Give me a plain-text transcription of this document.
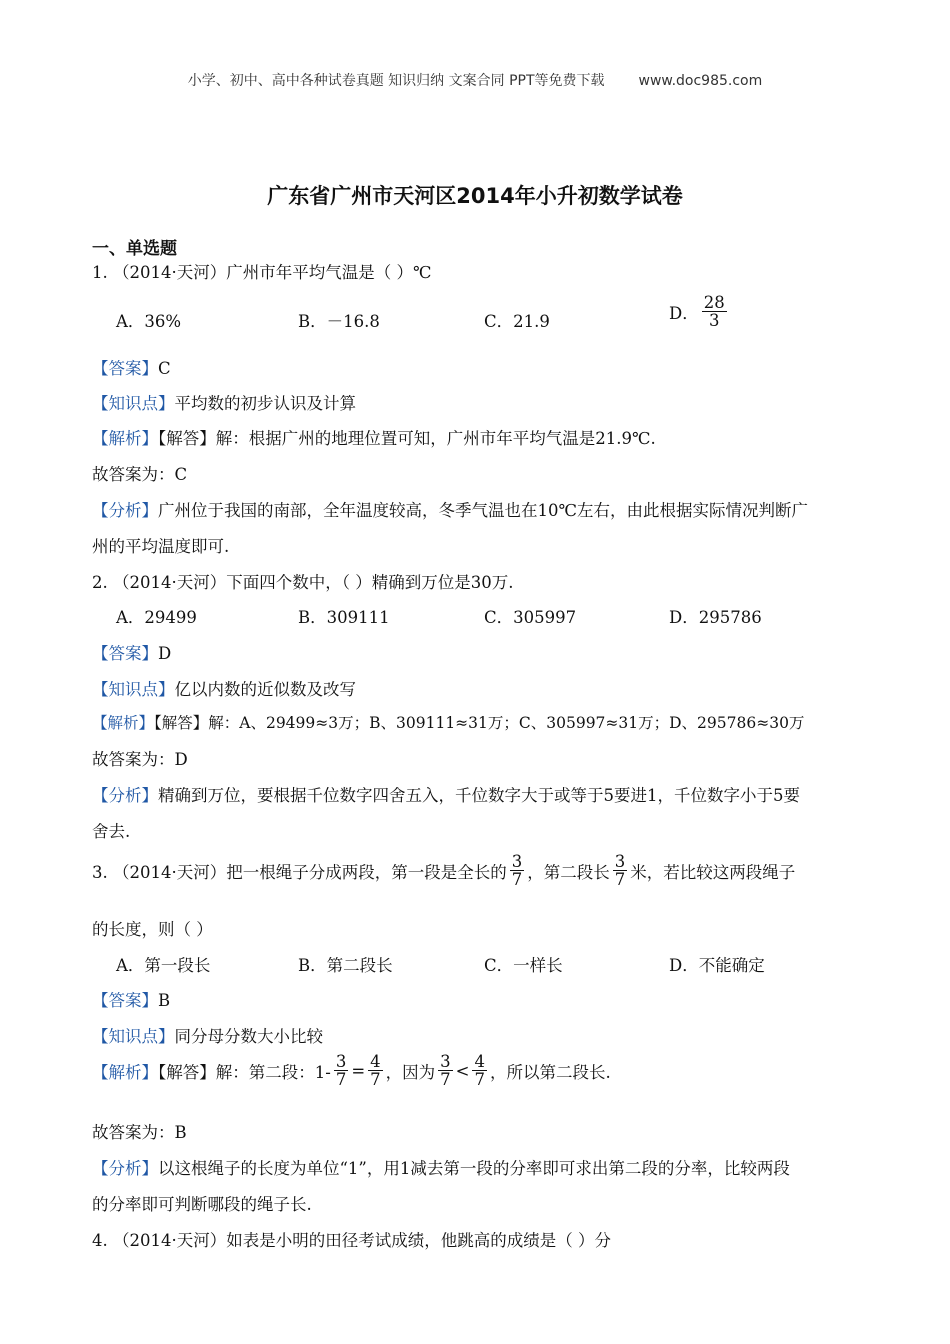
小学、初中、高中各种试卷真题 知识归纳 文案合同 PPT等免费下载 www.doc985.com
广东省广州市天河区2014年小升初数学试卷
一、单选题
1. （2014·天河）广州市年平均气温是（ ）℃
A．36%	B．－16.8	C．21.9	D． $\frac{28}{3}$
【答案】C
【知识点】平均数的初步认识及计算
【解析】【解答】解：根据广州的地理位置可知，广州市年平均气温是21.9℃.
故答案为：C
【分析】广州位于我国的南部，全年温度较高，冬季气温也在10℃左右，由此根据实际情况判断广
州的平均温度即可.
2. （2014·天河）下面四个数中，（ ）精确到万位是30万.
A．29499	B．309111	C．305997	D．295786
【答案】D
【知识点】亿以内数的近似数及改写
【解析】【解答】解：A、29499≈3万；B、309111≈31万；C、305997≈31万；D、295786≈30万
故答案为：D
【分析】精确到万位，要根据千位数字四舍五入，千位数字大于或等于5要进1，千位数字小于5要
舍去.
3. （2014·天河）把一根绳子分成两段，第一段是全长的 $\frac{3}{7}$ ，第二段长 $\frac{3}{7}$ 米，若比较这两段绳子
的长度，则（ ）
A．第一段长	B．第二段长	C．一样长	D．不能确定
【答案】B
【知识点】同分母分数大小比较
【解析】【解答】解：第二段：$1- \frac{3}{7} = \frac{4}{7}$ ，因为 $\frac{3}{7} < \frac{4}{7}$ ，所以第二段长.
故答案为：B
【分析】以这根绳子的长度为单位“1”，用1减去第一段的分率即可求出第二段的分率，比较两段
的分率即可判断哪段的绳子长.
4. （2014·天河）如表是小明的田径考试成绩，他跳高的成绩是（ ）分
